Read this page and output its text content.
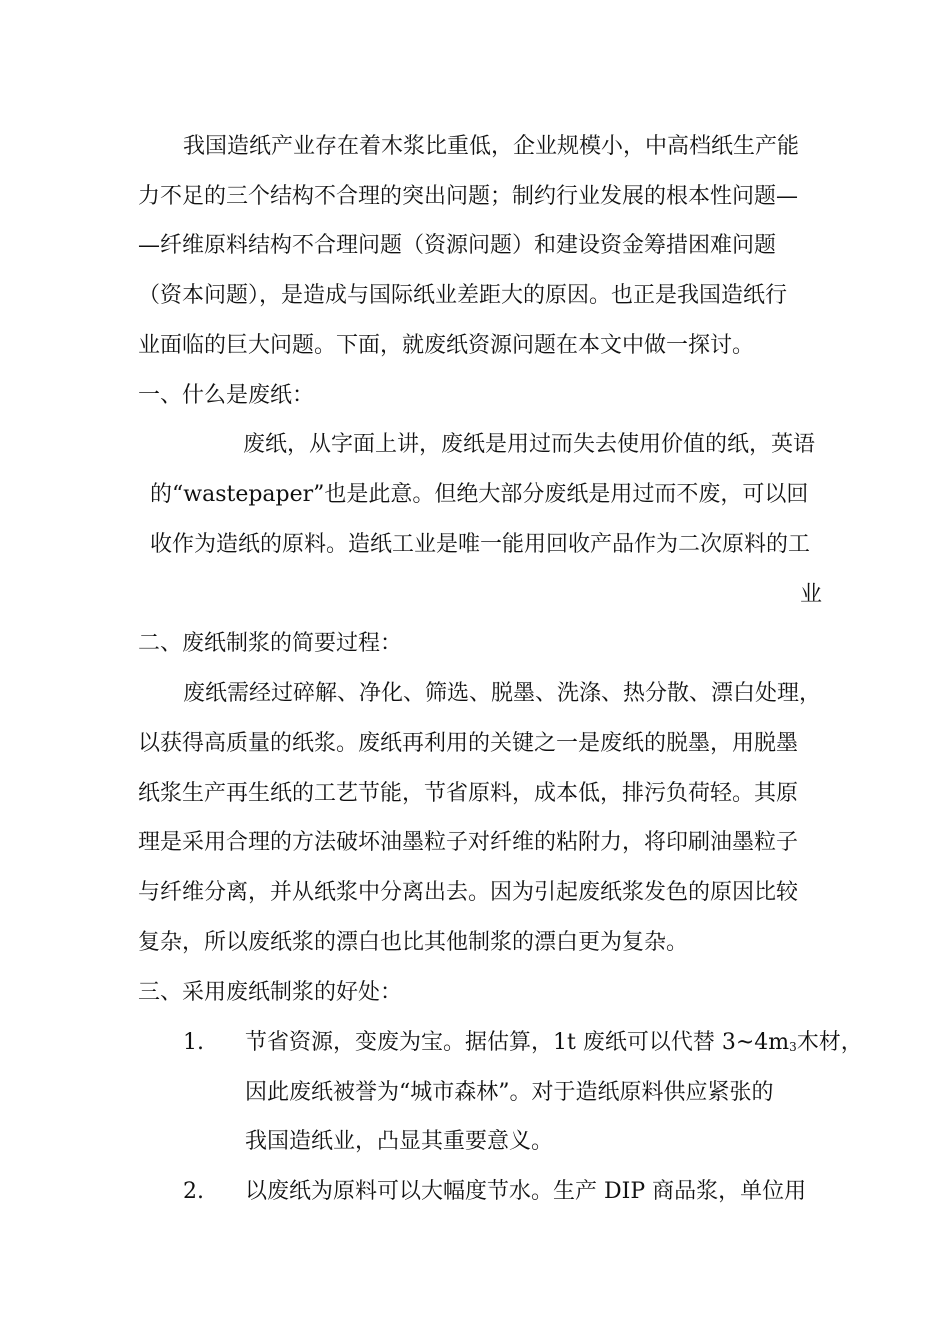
我国造纸产业存在着木浆比重低，企业规模小，中高档纸生产能
力不足的三个结构不合理的突出问题；制约行业发展的根本性问题—
—纤维原料结构不合理问题（资源问题）和建设资金筹措困难问题
（资本问题），是造成与国际纸业差距大的原因。也正是我国造纸行
业面临的巨大问题。下面，就废纸资源问题在本文中做一探讨。
一、什么是废纸：
废纸，从字面上讲，废纸是用过而失去使用价值的纸，英语
的“wastepaper”也是此意。但绝大部分废纸是用过而不废，可以回
收作为造纸的原料。造纸工业是唯一能用回收产品作为二次原料的工
业
二、废纸制浆的简要过程：
废纸需经过碎解、净化、筛选、脱墨、洗涤、热分散、漂白处理，
以获得高质量的纸浆。废纸再利用的关键之一是废纸的脱墨，用脱墨
纸浆生产再生纸的工艺节能，节省原料，成本低，排污负荷轻。其原
理是采用合理的方法破坏油墨粒子对纤维的粘附力，将印刷油墨粒子
与纤维分离，并从纸浆中分离出去。因为引起废纸浆发色的原因比较
复杂，所以废纸浆的漂白也比其他制浆的漂白更为复杂。
三、采用废纸制浆的好处：
1. 节省资源，变废为宝。据估算，1t 废纸可以代替 $3\sim 4m_3$木材，
因此废纸被誉为“城市森林”。对于造纸原料供应紧张的
我国造纸业，凸显其重要意义。
2. 以废纸为原料可以大幅度节水。生产 DIP 商品浆，单位用
